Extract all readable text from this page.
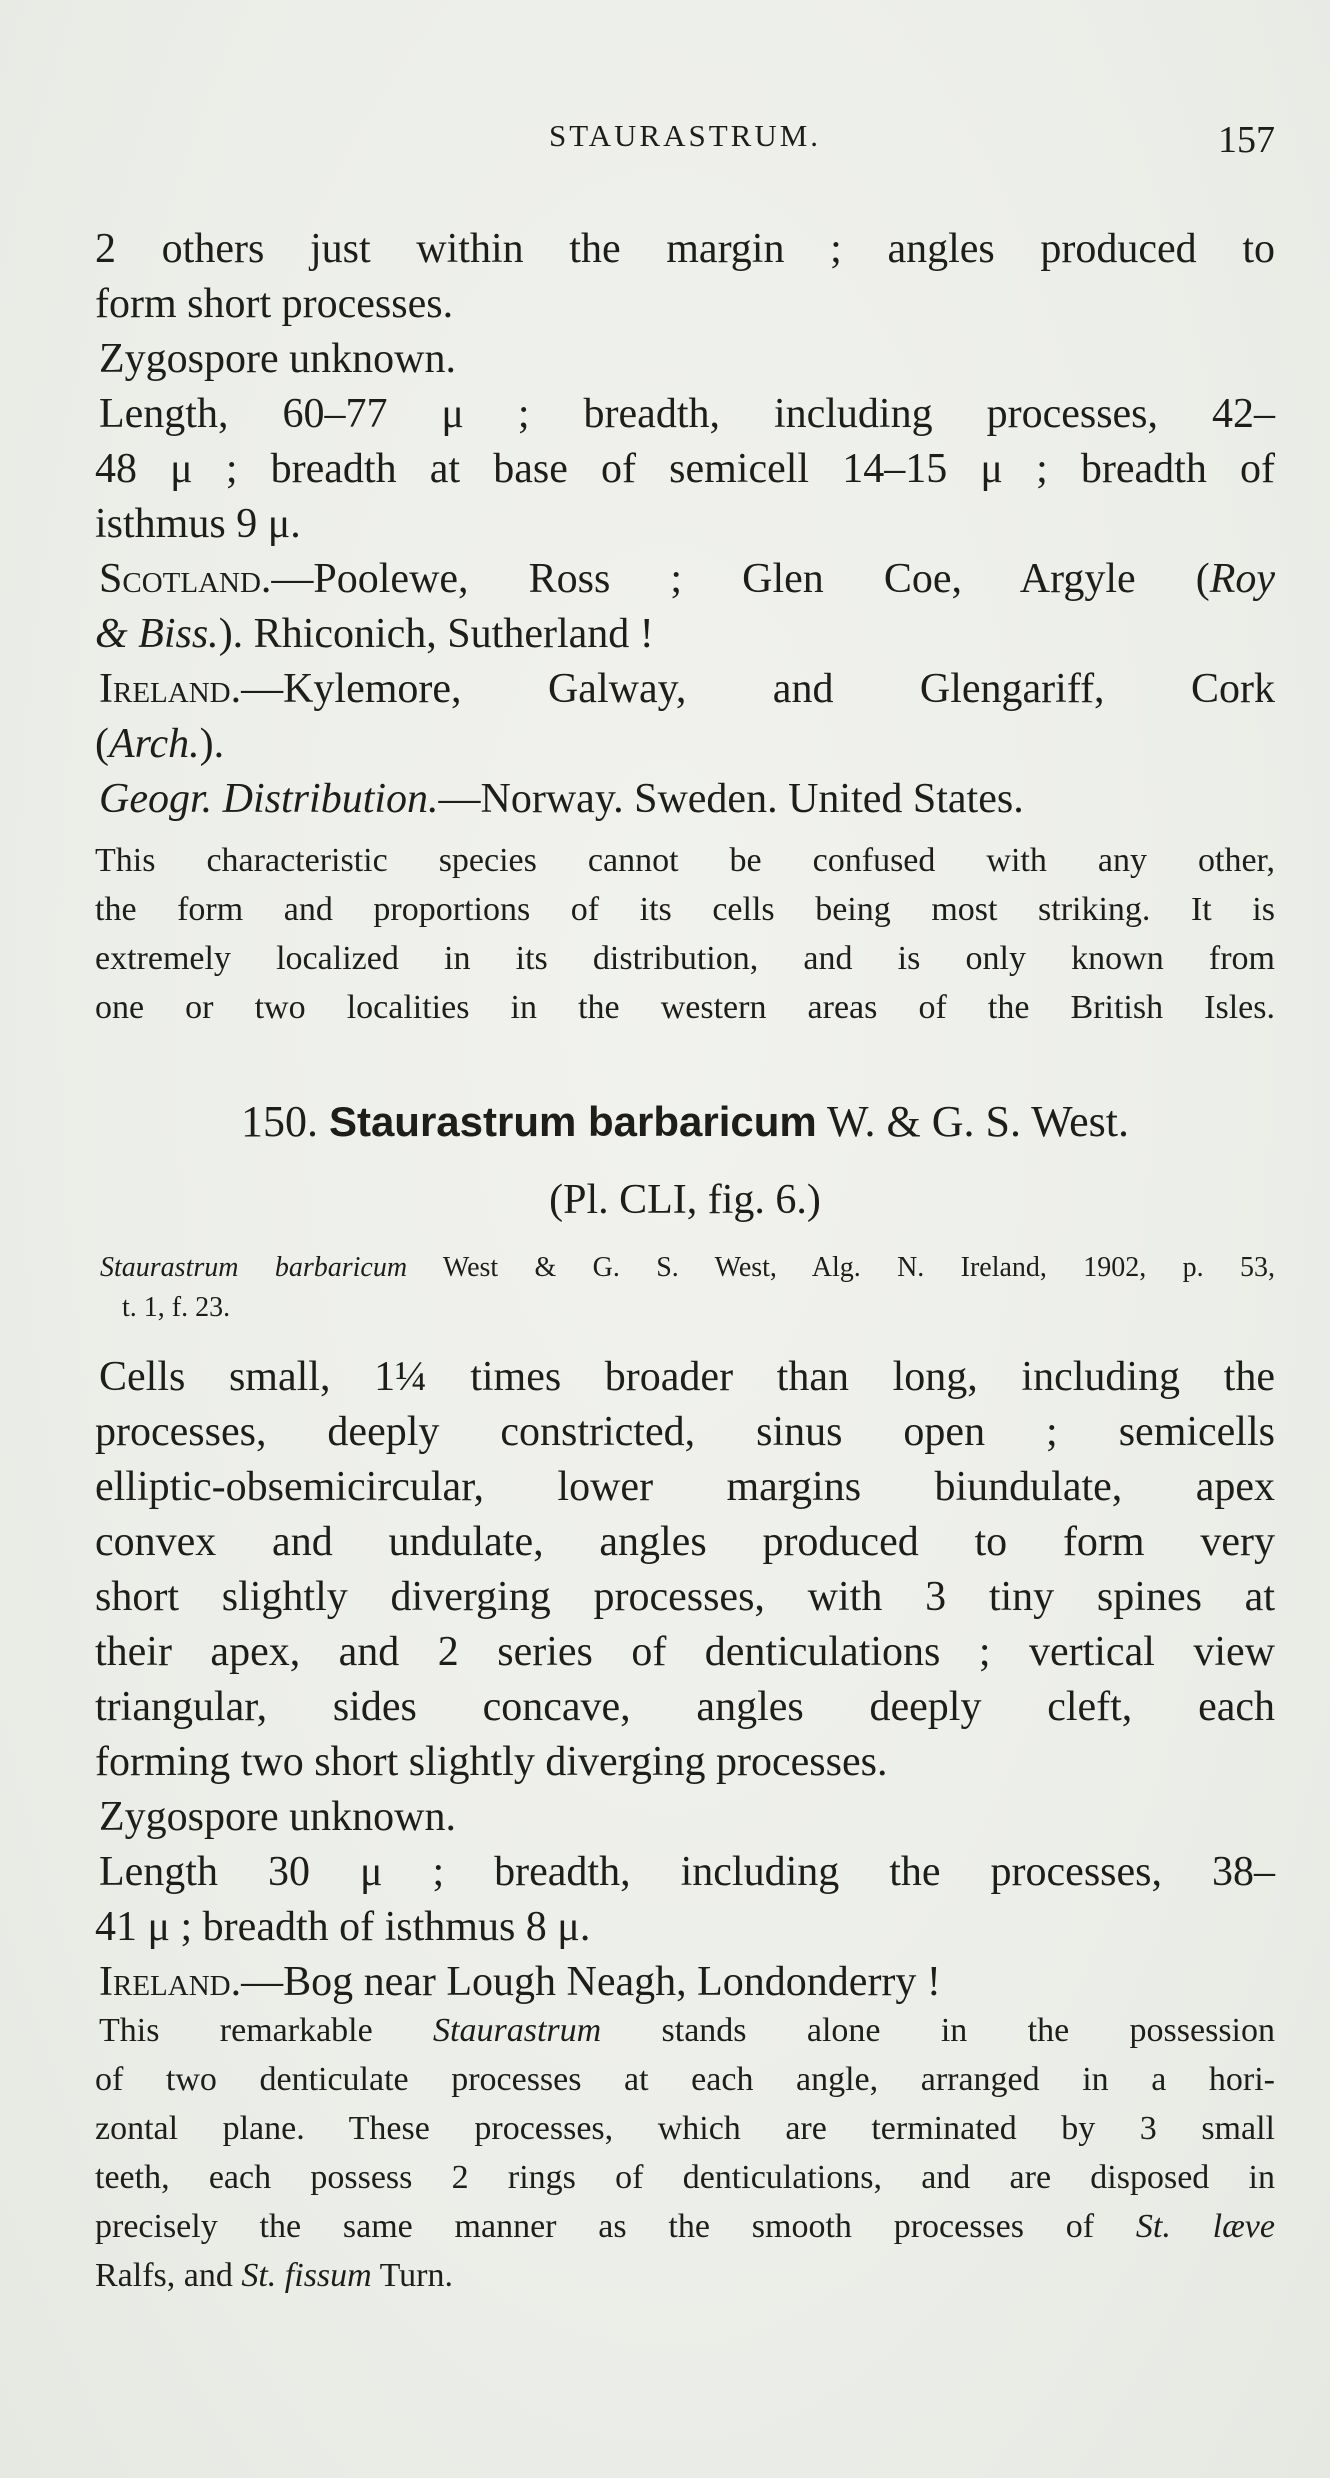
STAURASTRUM.	157
2 others just within the margin ; angles produced to
form short processes.
Zygospore unknown.
Length, 60–77 μ ; breadth, including processes, 42–
48 μ ; breadth at base of semicell 14–15 μ ; breadth of
isthmus 9 μ.
Scotland.—Poolewe, Ross ; Glen Coe, Argyle (Roy
& Biss.). Rhiconich, Sutherland !
Ireland.—Kylemore, Galway, and Glengariff, Cork
(Arch.).
Geogr. Distribution.—Norway. Sweden. United States.
This characteristic species cannot be confused with any other,
the form and proportions of its cells being most striking. It is
extremely localized in its distribution, and is only known from
one or two localities in the western areas of the British Isles.
150. Staurastrum barbaricum W. & G. S. West.
(Pl. CLI, fig. 6.)
Staurastrum barbaricum West & G. S. West, Alg. N. Ireland, 1902, p. 53,
t. 1, f. 23.
Cells small, 1¼ times broader than long, including the
processes, deeply constricted, sinus open ; semicells
elliptic-obsemicircular, lower margins biundulate, apex
convex and undulate, angles produced to form very
short slightly diverging processes, with 3 tiny spines at
their apex, and 2 series of denticulations ; vertical view
triangular, sides concave, angles deeply cleft, each
forming two short slightly diverging processes.
Zygospore unknown.
Length 30 μ ; breadth, including the processes, 38–
41 μ ; breadth of isthmus 8 μ.
Ireland.—Bog near Lough Neagh, Londonderry !
This remarkable Staurastrum stands alone in the possession
of two denticulate processes at each angle, arranged in a hori-
zontal plane. These processes, which are terminated by 3 small
teeth, each possess 2 rings of denticulations, and are disposed in
precisely the same manner as the smooth processes of St. læve
Ralfs, and St. fissum Turn.
